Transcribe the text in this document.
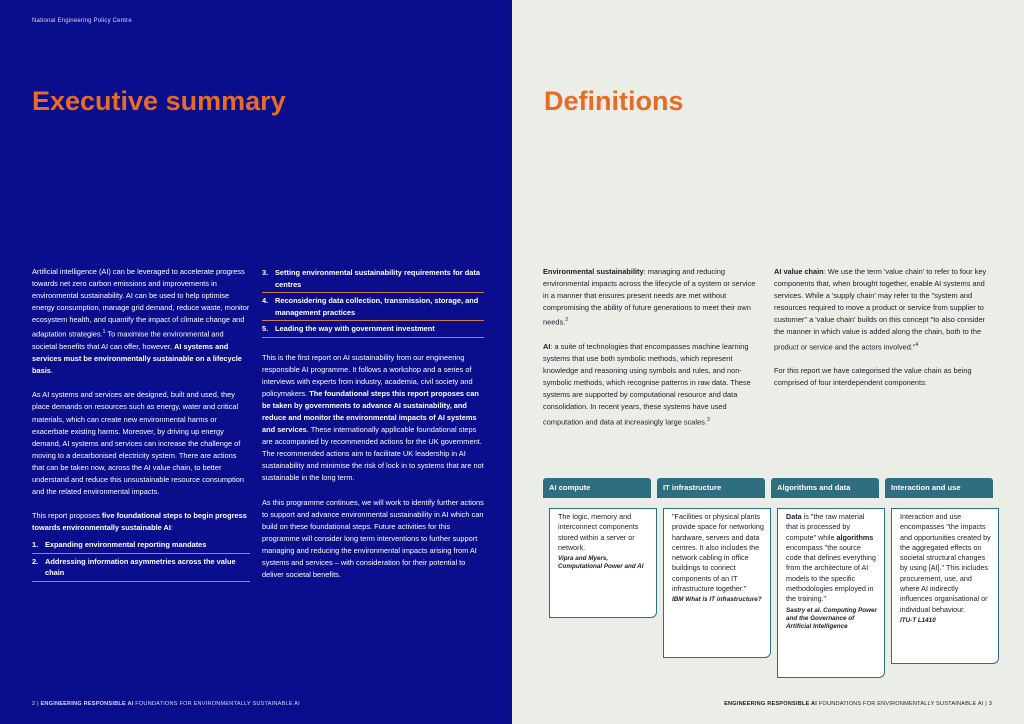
National Engineering Policy Centre
Executive summary

Artificial intelligence (AI) can be leveraged to accelerate progress towards net zero carbon emissions and improvements in environmental sustainability. AI can be used to help optimise energy consumption, manage grid demand, reduce waste, monitor ecosystem health, and quantify the impact of climate change and adaptation strategies.$^1$ To maximise the environmental and societal benefits that AI can offer, however, AI systems and services must be environmentally sustainable on a lifecycle basis.

As AI systems and services are designed, built and used, they place demands on resources such as energy, water and critical materials, which can create new environmental harms or exacerbate existing harms. Moreover, by driving up energy demand, AI systems and services can increase the challenge of moving to a decarbonised electricity system. There are actions that can be taken now, across the AI value chain, to better understand and reduce this unsustainable resource consumption and the related environmental impacts.

This report proposes five foundational steps to begin progress towards environmentally sustainable AI:

1. Expanding environmental reporting mandates
2. Addressing information asymmetries across the value chain
3. Setting environmental sustainability requirements for data centres
4. Reconsidering data collection, transmission, storage, and management practices
5. Leading the way with government investment

This is the first report on AI sustainability from our engineering responsible AI programme. It follows a workshop and a series of interviews with experts from industry, academia, civil society and policymakers. The foundational steps this report proposes can be taken by governments to advance AI sustainability, and reduce and monitor the environmental impacts of AI systems and services. These internationally applicable foundational steps are accompanied by recommended actions for the UK government. The recommended actions aim to facilitate UK leadership in AI sustainability and minimise the risk of lock in to systems that are not sustainable in the long term.

As this programme continues, we will work to identify further actions to support and advance environmental sustainability in AI which can build on these foundational steps. Future activities for this programme will consider long term interventions to further support managing and reducing the environmental impacts arising from AI systems and services – with consideration for their potential to deliver societal benefits.

2 | ENGINEERING RESPONSIBLE AI FOUNDATIONS FOR ENVIRONMENTALLY SUSTAINABLE AI
Definitions

Environmental sustainability: managing and reducing environmental impacts across the lifecycle of a system or service in a manner that ensures present needs are met without compromising the ability of future generations to meet their own needs.$^2$

AI: a suite of technologies that encompasses machine learning systems that use both symbolic methods, which represent knowledge and reasoning using symbols and rules, and non-symbolic methods, which recognise patterns in raw data. These systems are supported by computational resource and data consolidation. In recent years, these systems have used computation and data at increasingly large scales.$^3$

AI value chain: We use the term 'value chain' to refer to four key components that, when brought together, enable AI systems and services. While a 'supply chain' may refer to the "system and resources required to move a product or service from supplier to customer" a 'value chain' builds on this concept "to also consider the manner in which value is added along the chain, both to the product or service and the actors involved."$^4$

For this report we have categorised the value chain as being comprised of four interdependent components:

AI compute
The logic, memory and interconnect components stored within a server or network.
Vipra and Myers, Computational Power and AI
IT infrastructure
"Facilities or physical plants provide space for networking hardware, servers and data centres. It also includes the network cabling in office buildings to connect components of an IT infrastructure together."
IBM What is IT infrastructure?
Algorithms and data
Data is "the raw material that is processed by compute" while algorithms encompass "the source code that defines everything from the architecture of AI models to the specific methodologies employed in the training."
Sastry et al. Computing Power and the Governance of Artificial Intelligence
Interaction and use
Interaction and use encompasses "the impacts and opportunities created by the aggregated effects on societal structural changes by using [AI]." This includes procurement, use, and where AI indirectly influences organisational or individual behaviour.
ITU-T L1410
ENGINEERING RESPONSIBLE AI FOUNDATIONS FOR ENVIRONMENTALLY SUSTAINABLE AI | 3
